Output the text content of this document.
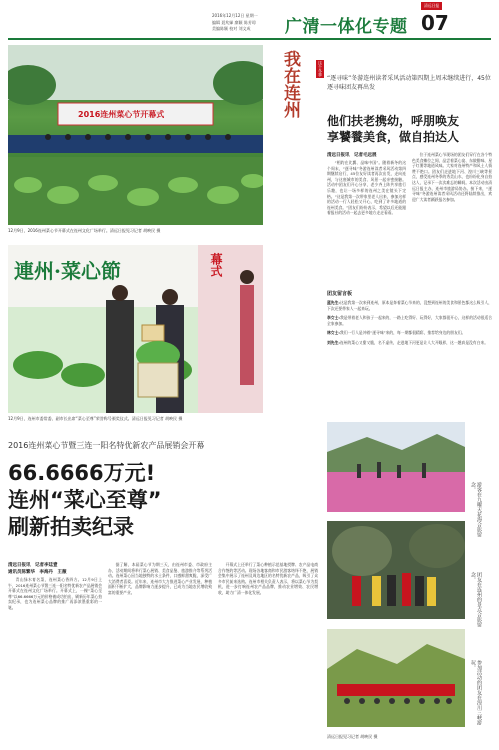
2016年12月12日 星期一
编辑 聂兆娣 廖颖 陈芳琼
美编陈颖 校对 刘文成 广清一体化专题
清远日报
07
2016连州菜心节开幕式
12月9日，2016连州菜心节开幕式在连州文化广场举行。清远日报见习记者 胡映民 摄
我在连州	这个冬季
“逐寻味”冬游连州读者采风活动第四期上周末继续进行，45位逐寻味团友再出发
他们扶老携幼，呼朋唤友
享饕餮美食，做自拍达人
清远日报讯　记者毛远展

“相约在比翼、品味中国”。随着新冬的这个周末，“逐寻味”冬游连州读者采风活动第四期继续启行，45位友好读者再次出发，走向连州，与这座城市的美食、风景一起亲密接触。活动中团友们开心分享，老少齐上阵共享旅行乐趣，也让一场多样的连州之美在镜头下定格。“这是我第一次带家里老人出来，参加这样的活动一行人轻松又开心，吃到了许多地道的连州美食。”团友们纷纷表示，希望以后还能跟着报社的活动一起去更多地方走走看看。

位于连州菜心节现场的团友们穿行在各个特色美食摊位之间，品尝着菜心宴、东陂腊味、星子红薯等地道风味。大家对连州特产和风土人情赞不绝口。团友们走进地下河、湟川三峡等景点，感受连州冬季的秀美山水，也纷纷化身自拍达人，记录下一次次难忘的瞬间。本次活动由清远日报主办，连州市旅游局协办。接下来，“逐寻味”冬游连州读者采风活动还将陆续推出，欢迎广大读者踊跃报名参加。

团友留言板
蓝先生:这是我第一次来到连州，原本是奔着菜心节来的，没想到连州的美食和景色都这么吸引人，下次还要带家人一起来玩。
李女士:我是带着老人和孩子一起来的，一路上吃得好、玩得好，大家都很开心，这样的活动很适合全家参加。
林女士:我们一行人是冲着“逐寻味”来的，每一期都很精彩，推荐给身边的朋友们。
刘先生:连州的菜心又甜又脆，名不虚传，走进地下河更是让人大开眼界，这一趟真是没有白来。
連州·菜心節	幕式
12月9日，连州市委常委、副市长出席“菜心至尊”荣誉称号颁奖仪式。清远日报见习记者 胡映民 摄
2016连州菜心节暨三连一阳名特优新农产品展销会开幕
66.6666万元!
连州“菜心至尊”
刷新拍卖纪录
清远日报讯　记者李廷壹
通讯员陈繁华　李海丹　王薇

青山绿水育名菜，连州菜心香四方。12月9日上午，2016连州菜心节暨三连一阳名特优新农产品展销会开幕式在连州文化广场举行。开幕式上，一棵“菜心至尊”以66.6666万元的价格被成功拍出，刷新历年菜心拍卖纪录，也为连州菜心品牌的推广再添浓墨重彩的一笔。

据了解，本届菜心节为期三天，由连州市委、市政府主办，活动期间将举行菜心展销、美食品鉴、旅游推介等系列活动。连州菜心因当地独特的水土条件，口感鲜甜爽脆，深受广大消费者喜爱。近年来，连州市大力推进菜心产业发展，种植面积不断扩大，品牌影响力逐步提升，已成为当地农民增收致富的重要产业。

开幕式上还举行了菜心种植示范基地授牌、农产品电商合作签约等活动。现场各地客商和市民游客络绎不绝，展销会集中展示了连州及周边地区的名特优新农产品，吸引了众多市民前来选购。连州市相关负责人表示，将以菜心节为契机，进一步打响连州农产品品牌，推动农业增效、农民增收，助力广清一体化发展。

游客在九曜天花海合影留念。
团友在连州的景点合影留念。
参加活动的团友在湟川三峡游玩。
清远日报见习记者 胡映民 摄
